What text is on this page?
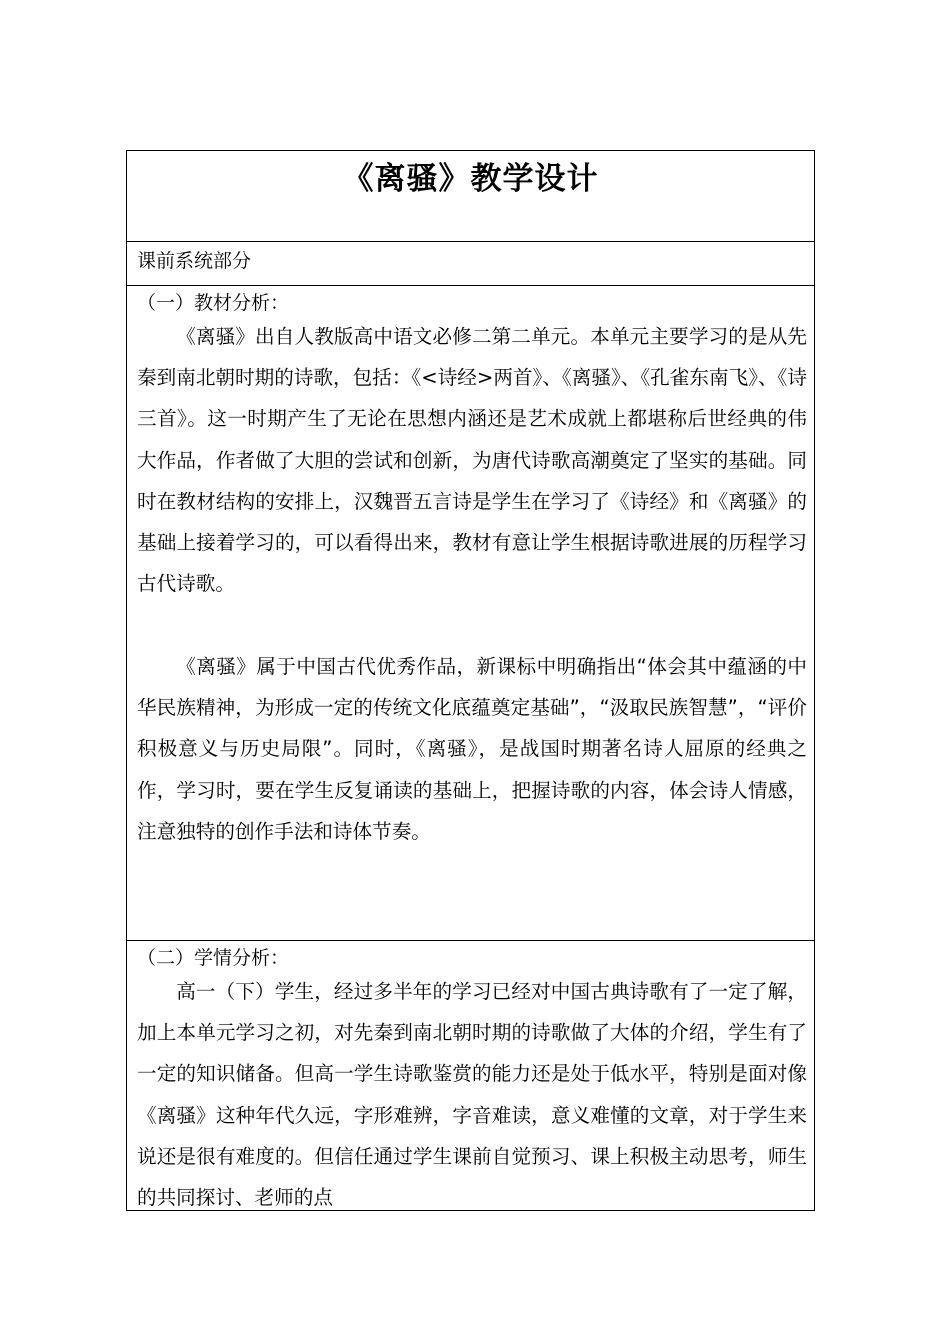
《离骚》教学设计
课前系统部分
（一）教材分析：

《离骚》出自人教版高中语文必修二第二单元。本单元主要学习的是从先秦到南北朝时期的诗歌，包括：《<诗经>两首》、《离骚》、《孔雀东南飞》、《诗三首》。这一时期产生了无论在思想内涵还是艺术成就上都堪称后世经典的伟大作品，作者做了大胆的尝试和创新，为唐代诗歌高潮奠定了坚实的基础。同时在教材结构的安排上，汉魏晋五言诗是学生在学习了《诗经》和《离骚》的基础上接着学习的，可以看得出来，教材有意让学生根据诗歌进展的历程学习古代诗歌。

《离骚》属于中国古代优秀作品，新课标中明确指出“体会其中蕴涵的中华民族精神，为形成一定的传统文化底蕴奠定基础”，“汲取民族智慧”，“评价积极意义与历史局限”。同时，《离骚》，是战国时期著名诗人屈原的经典之作，学习时，要在学生反复诵读的基础上，把握诗歌的内容，体会诗人情感，注意独特的创作手法和诗体节奏。

（二）学情分析：

高一（下）学生，经过多半年的学习已经对中国古典诗歌有了一定了解，加上本单元学习之初，对先秦到南北朝时期的诗歌做了大体的介绍，学生有了一定的知识储备。但高一学生诗歌鉴赏的能力还是处于低水平，特别是面对像《离骚》这种年代久远，字形难辨，字音难读，意义难懂的文章，对于学生来说还是很有难度的。但信任通过学生课前自觉预习、课上积极主动思考，师生的共同探讨、老师的点
